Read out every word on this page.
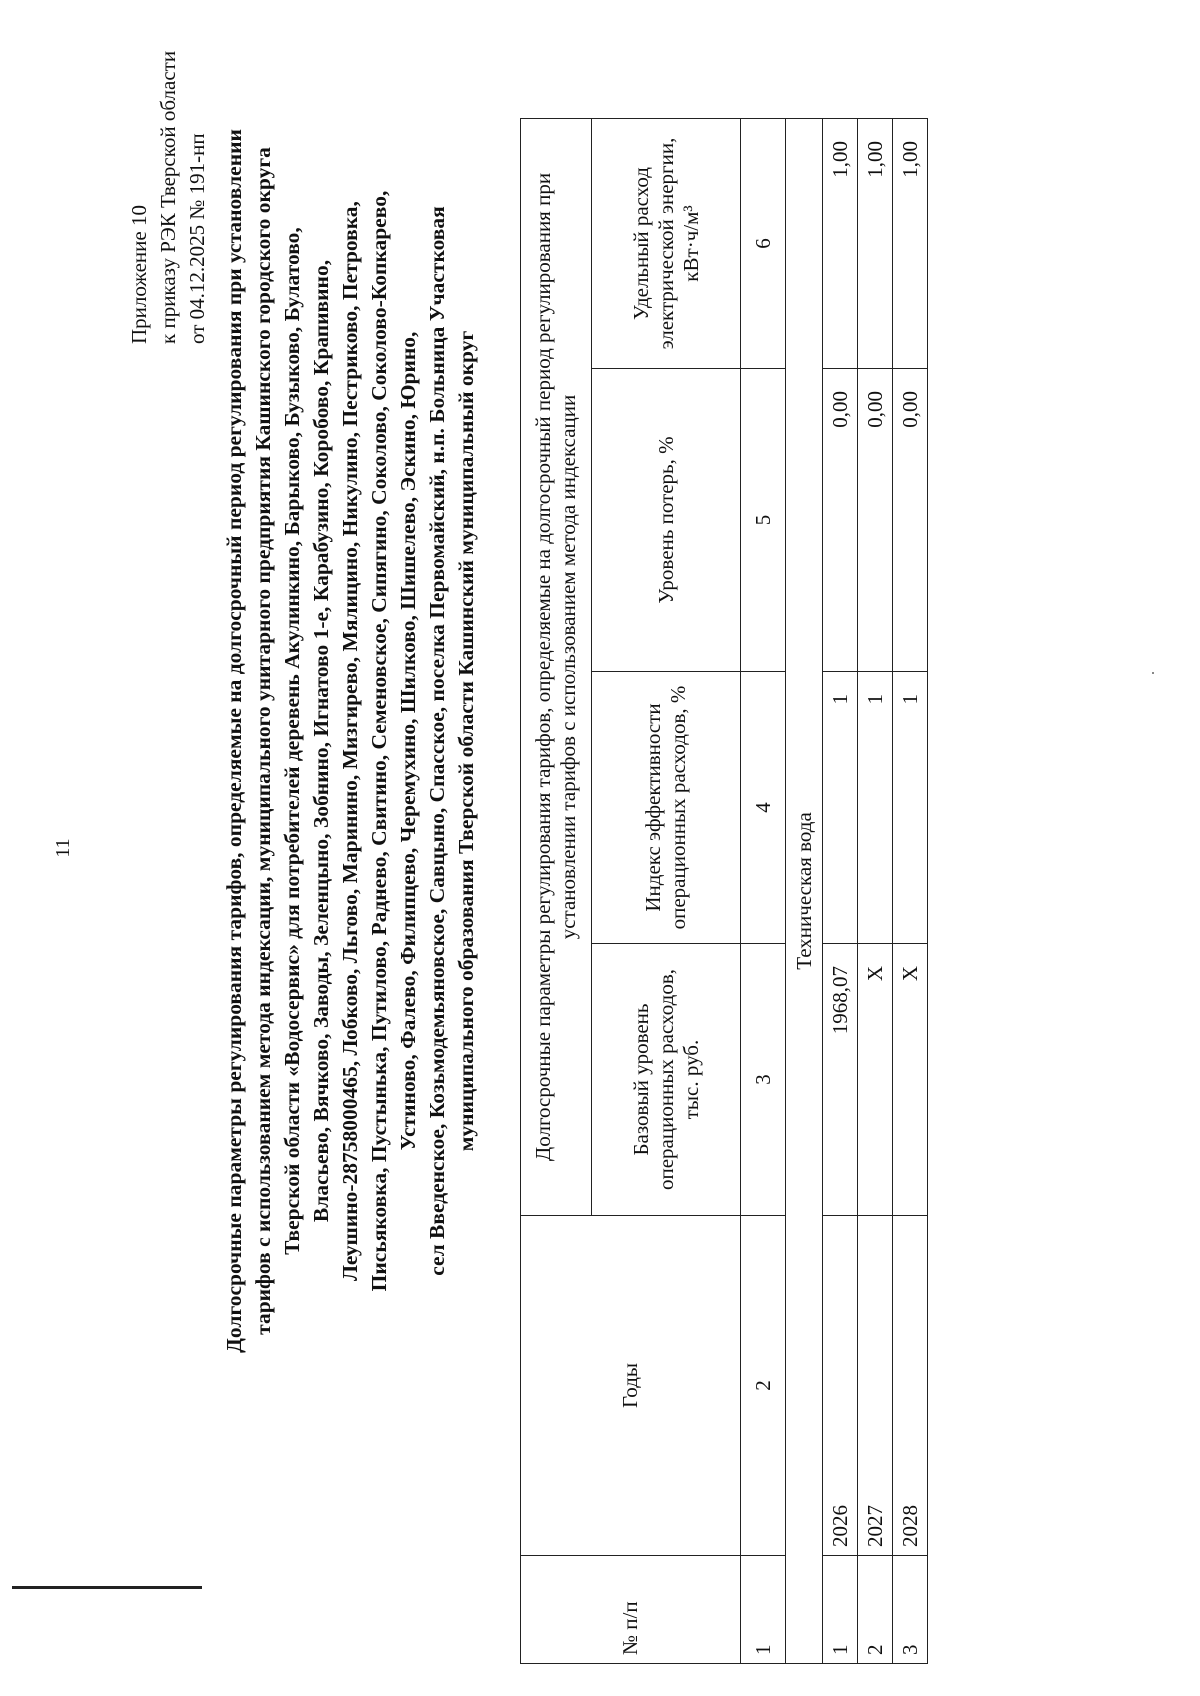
11
Приложение 10 к приказу РЭК Тверской области от 04.12.2025 № 191-нп Долгосрочные параметры регулирования тарифов, определяемые на долгосрочный период регулирования при установлении тарифов с использованием метода индексации, муниципального унитарного предприятия Кашинского городского округа Тверской области «Водосервис» для потребителей деревень Акулинкино, Барыково, Бузыково, Булатово, Власьево, Вячково, Заводы, Зеленцыно, Зобнино, Игнатово 1-е, Карабузино, Коробово, Крапивино, Леушино-28758000465, Лобково, Льгово, Маринино, Мизгирево, Мялицино, Никулино, Пестриково, Петровка, Письяковка, Пустынька, Путилово, Раднево, Свитино, Семеновское, Сипягино, Соколово, Соколово-Копкарево, Устиново, Фалево, Филипцево, Черемухино, Шилково, Шишелево, Эскино, Юрино, сел Введенское, Козьмодемьяновское, Савцыно, Спасское, поселка Первомайский, н.п. Больница Участковая муниципального образования Тверской области Кашинский муниципальный округ
№ п/п	Годы	Долгосрочные параметры регулирования тарифов, определяемые на долгосрочный период регулирования при установлении тарифов с использованием метода индексации			
		Базовый уровень операционных расходов, тыс. руб.	Индекс эффективности операционных расходов, %	Уровень потерь, %	Удельный расход электрической энергии, кВт·ч/м³
1	2	3	4	5	6
Техническая вода					
1	2026	1968,07	1	0,00	1,00
2	2027	Х	1	0,00	1,00
3	2028	Х	1	0,00	1,00
